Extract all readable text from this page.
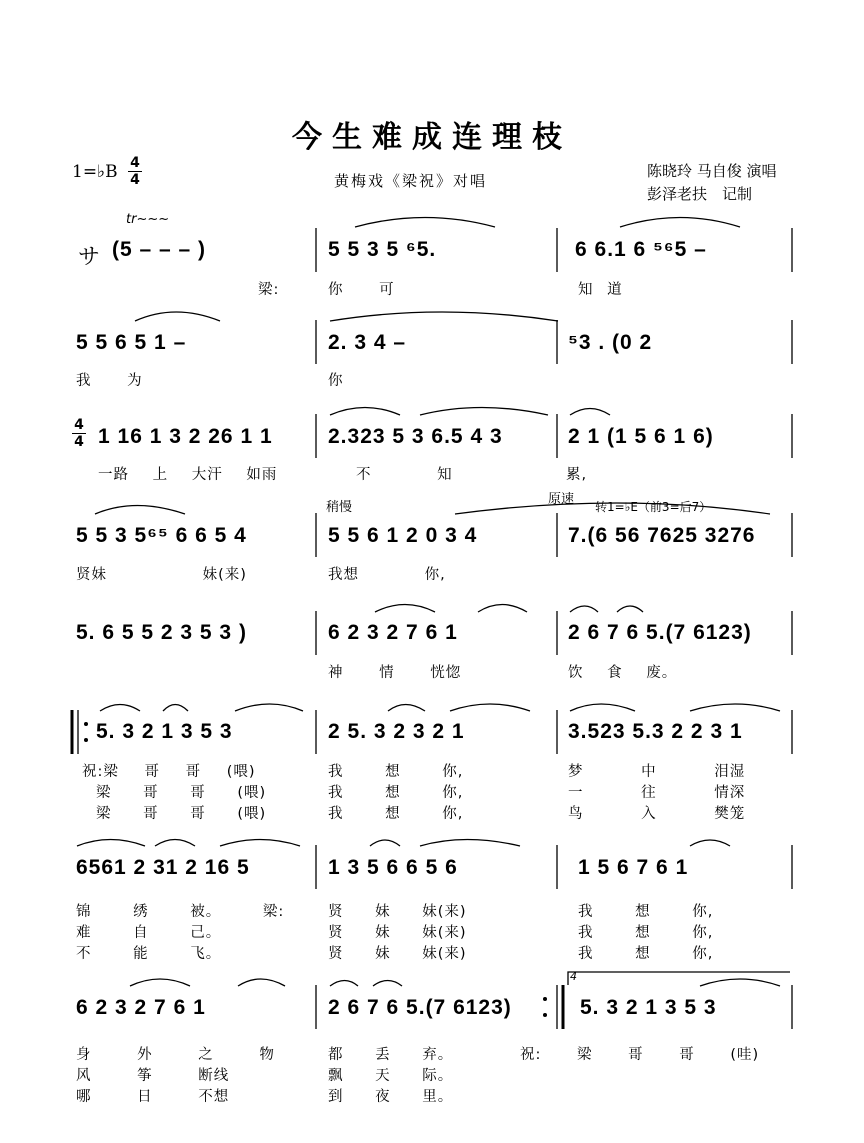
今生难成连理枝
1=♭B 4
4	黄梅戏《梁祝》对唱
陈晓玲 马自俊 演唱
彭泽老扶　记制
tr~~~
稍慢
原速 转1=♭E（前3=后7）
4
サ (5 – – – )	5 5 3 5 ⁶5.	6 6.1 6 ⁵⁶5 –
梁:	你 可	知 道
5 5 6 5 1 –	2. 3 4 –	⁵3 . (0 2
我 为	你
4
4 1 16 1 3 2 26 1 1	2.323 5 3 6.5 4 3	2 1 (1 5 6 1 6)
一路 上 大汗 如雨	不 知	累,
5 5 3 5⁶⁵ 6 6 5 4	5 5 6 1 2 0 3 4	7.(6 56 7625 3276
贤妹 妹(来)	我想 你,
5. 6 5 5 2 3 5 3 )	6 2 3 2 7 6 1	2 6 7 6 5.(7 6123)
神 情 恍惚	饮 食 废。
5. 3 2 1 3 5 3	2 5. 3 2 3 2 1	3.523 5.3 2 2 3 1
祝:梁 哥 哥 (喂)
梁 哥 哥 (喂)
梁 哥 哥 (喂)
我 想 你,
我 想 你,
我 想 你,
梦 中 泪湿
一 往 情深
鸟 入 樊笼
6561 2 31 2 16 5	1 3 5 6 6 5 6	1 5 6 7 6 1
锦 绣 被。 梁:
难 自 己。
不 能 飞。
贤 妹 妹(来)
贤 妹 妹(来)
贤 妹 妹(来)
我 想 你,
我 想 你,
我 想 你,
6 2 3 2 7 6 1	2 6 7 6 5.(7 6123)	5. 3 2 1 3 5 3
身 外 之 物
风 筝 断线
哪 日 不想
都 丢 弃。
飘 天 际。
到 夜 里。
祝: 梁 哥 哥 (哇)
